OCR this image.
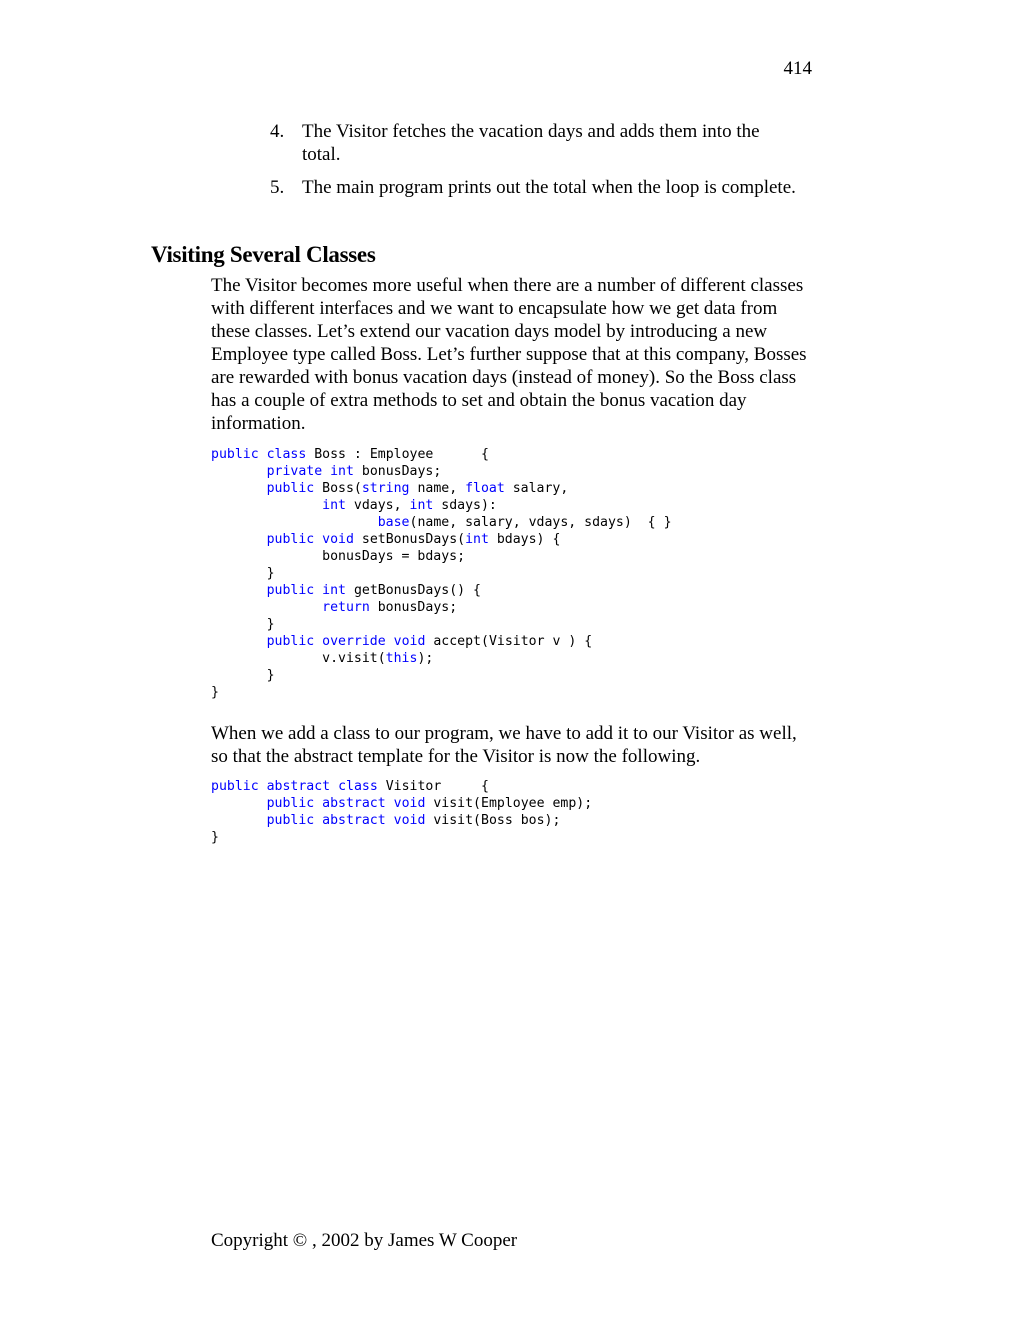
414
4. The Visitor fetches the vacation days and adds them into the total.
5. The main program prints out the total when the loop is complete.
Visiting Several Classes

The Visitor becomes more useful when there are a number of different classes with different interfaces and we want to encapsulate how we get data from these classes. Let’s extend our vacation days model by introducing a new Employee type called Boss. Let’s further suppose that at this company, Bosses are rewarded with bonus vacation days (instead of money). So the Boss class has a couple of extra methods to set and obtain the bonus vacation day information.

public class Boss : Employee      {
private int bonusDays;
public Boss(string name, float salary,
int vdays, int sdays):
base(name, salary, vdays, sdays)  { }
public void setBonusDays(int bdays) {
bonusDays = bdays;
}
public int getBonusDays() {
return bonusDays;
}
public override void accept(Visitor v ) {
v.visit(this);
}
}

When we add a class to our program, we have to add it to our Visitor as well, so that the abstract template for the Visitor is now the following.

public abstract class Visitor     {
public abstract void visit(Employee emp);
public abstract void visit(Boss bos);
}
Copyright © , 2002 by James W Cooper
